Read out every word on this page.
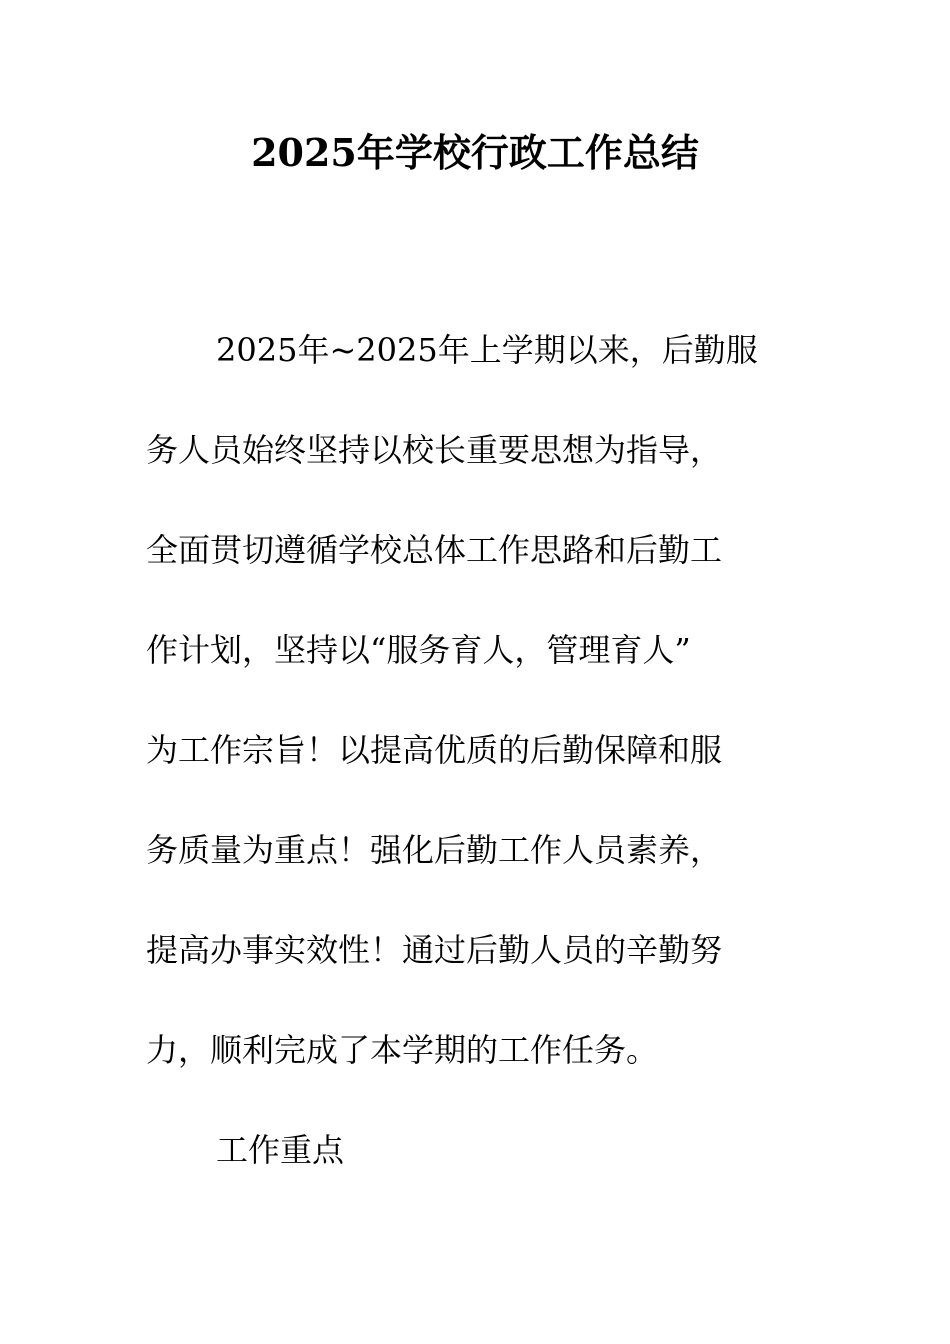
2025年学校行政工作总结

2025年~2025年上学期以来，后勤服
务人员始终坚持以校长重要思想为指导，
全面贯切遵循学校总体工作思路和后勤工
作计划，坚持以“服务育人，管理育人”
为工作宗旨！以提高优质的后勤保障和服
务质量为重点！强化后勤工作人员素养，
提高办事实效性！通过后勤人员的辛勤努
力，顺利完成了本学期的工作任务。

工作重点
